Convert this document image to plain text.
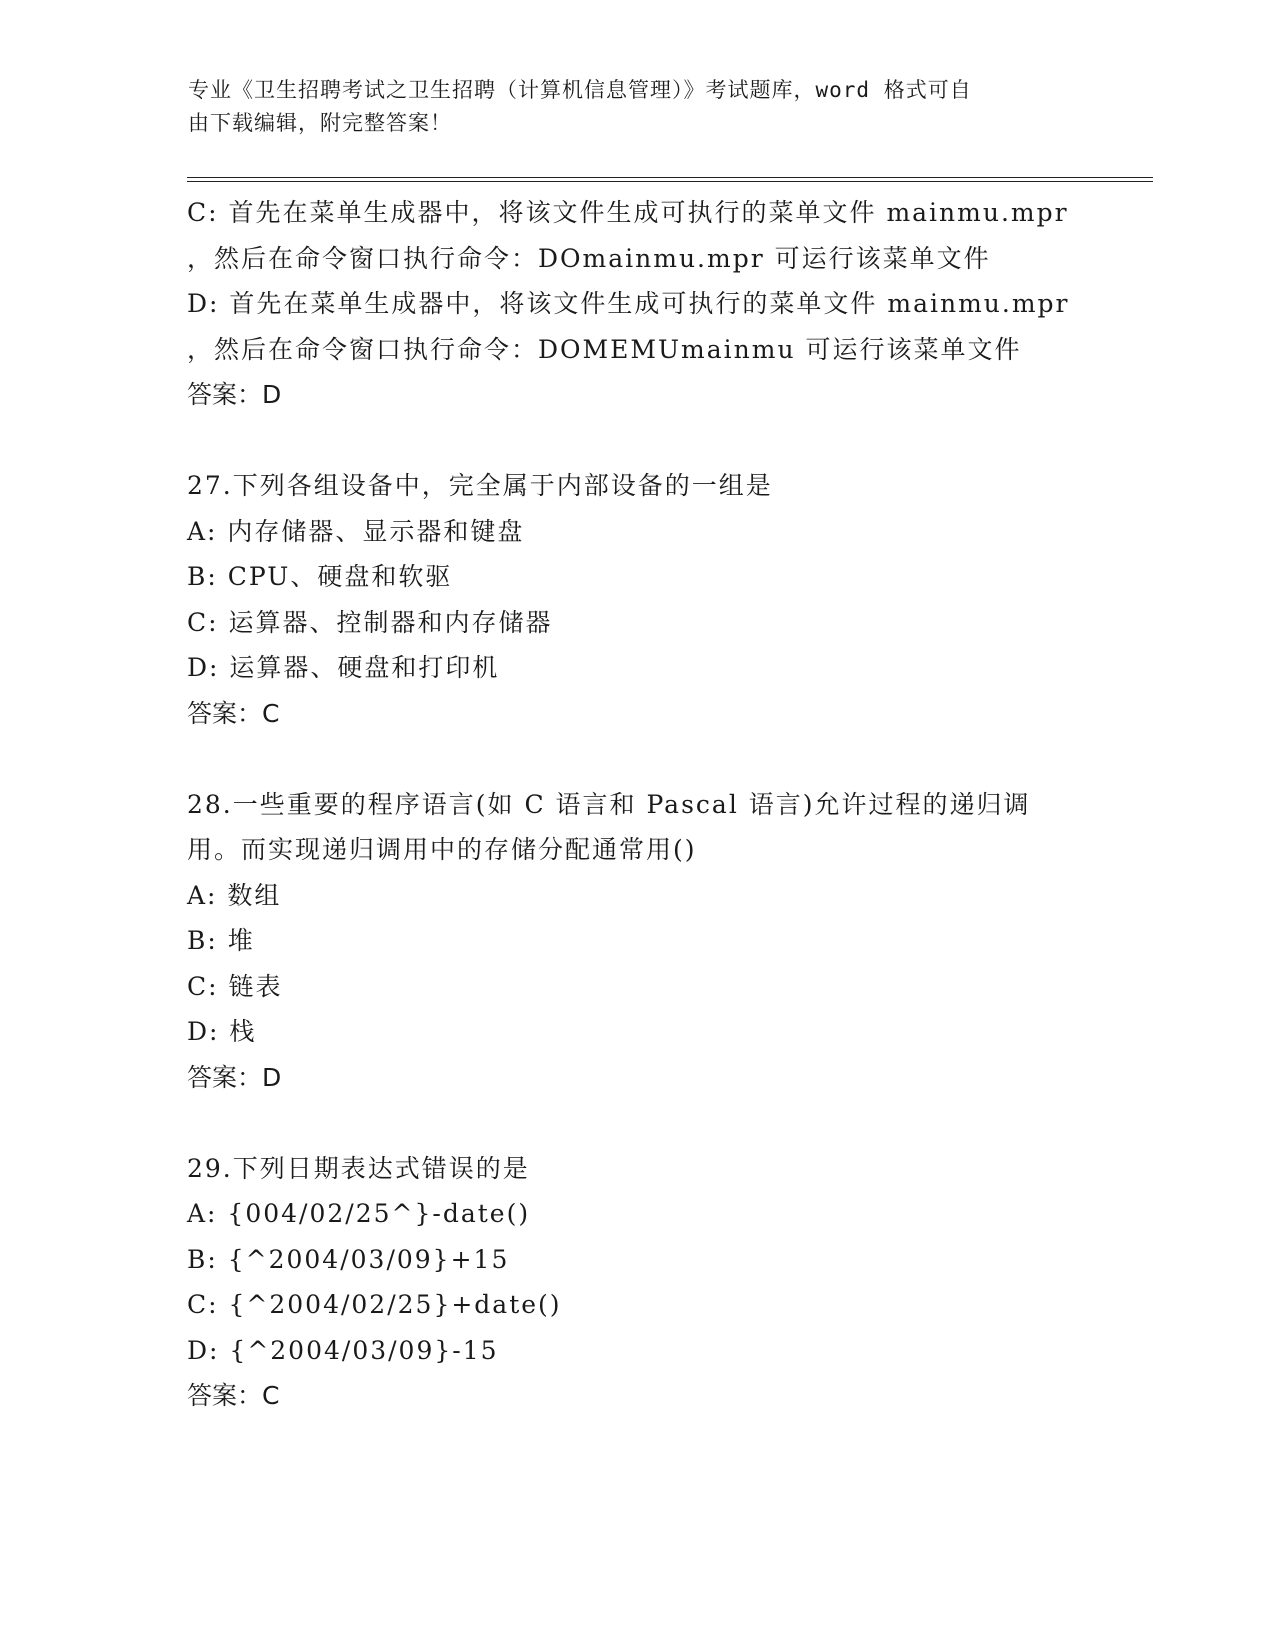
专业《卫生招聘考试之卫生招聘（计算机信息管理）》考试题库，word 格式可自
由下载编辑，附完整答案！
C: 首先在菜单生成器中，将该文件生成可执行的菜单文件 mainmu.mpr
，然后在命令窗口执行命令：DOmainmu.mpr 可运行该菜单文件
D: 首先在菜单生成器中，将该文件生成可执行的菜单文件 mainmu.mpr
，然后在命令窗口执行命令：DOMEMUmainmu 可运行该菜单文件
答案：D
27.下列各组设备中，完全属于内部设备的一组是
A: 内存储器、显示器和键盘
B: CPU、硬盘和软驱
C: 运算器、控制器和内存储器
D: 运算器、硬盘和打印机
答案：C
28.一些重要的程序语言(如 C 语言和 Pascal 语言)允许过程的递归调
用。而实现递归调用中的存储分配通常用()
A: 数组
B: 堆
C: 链表
D: 栈
答案：D
29.下列日期表达式错误的是
A: {004/02/25^}-date()
B: {^2004/03/09}+15
C: {^2004/02/25}+date()
D: {^2004/03/09}-15
答案：C
